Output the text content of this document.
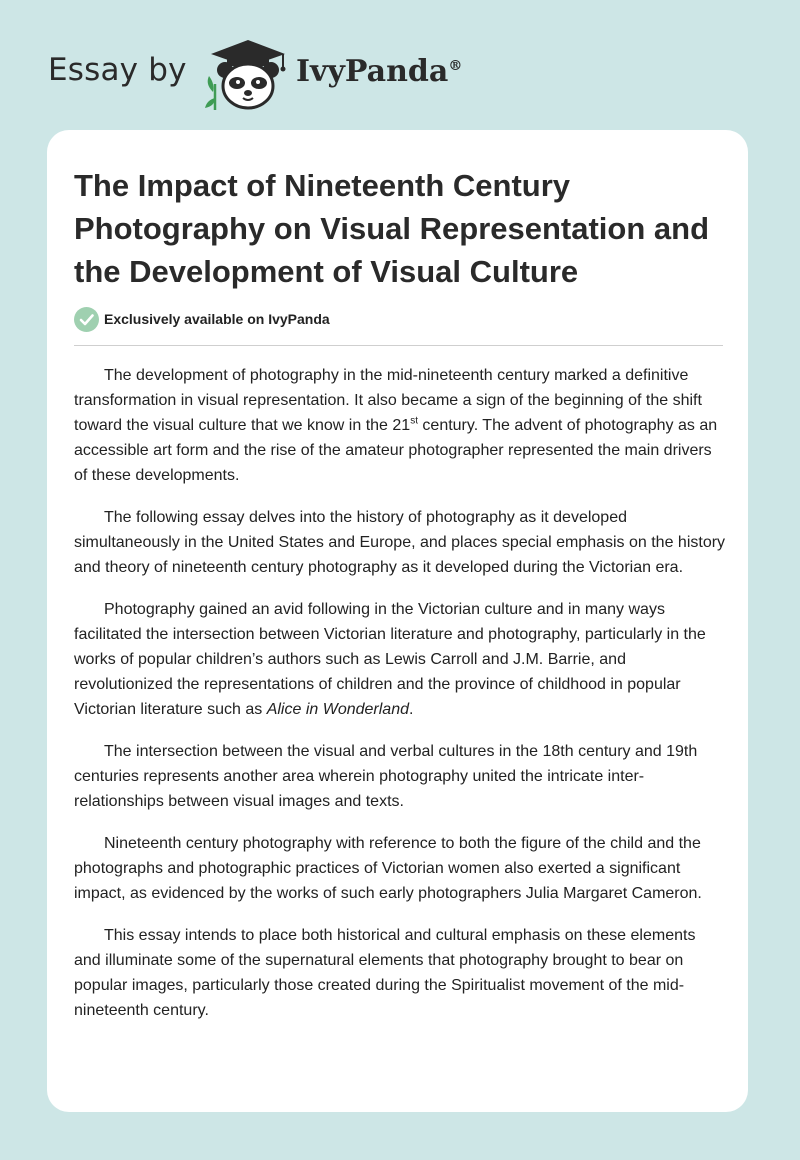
Essay by	IvyPanda®
The Impact of Nineteenth Century Photography on Visual Representation and the Development of Visual Culture
Exclusively available on IvyPanda

The development of photography in the mid-nineteenth century marked a definitive transformation in visual representation. It also became a sign of the beginning of the shift toward the visual culture that we know in the 21st century. The advent of photography as an accessible art form and the rise of the amateur photographer represented the main drivers of these developments.

The following essay delves into the history of photography as it developed simultaneously in the United States and Europe, and places special emphasis on the history and theory of nineteenth century photography as it developed during the Victorian era.

Photography gained an avid following in the Victorian culture and in many ways facilitated the intersection between Victorian literature and photography, particularly in the works of popular children’s authors such as Lewis Carroll and J.M. Barrie, and revolutionized the representations of children and the province of childhood in popular Victorian literature such as Alice in Wonderland.

The intersection between the visual and verbal cultures in the 18th century and 19th centuries represents another area wherein photography united the intricate inter-relationships between visual images and texts.

Nineteenth century photography with reference to both the figure of the child and the photographs and photographic practices of Victorian women also exerted a significant impact, as evidenced by the works of such early photographers Julia Margaret Cameron.

This essay intends to place both historical and cultural emphasis on these elements and illuminate some of the supernatural elements that photography brought to bear on popular images, particularly those created during the Spiritualist movement of the mid-nineteenth century.
